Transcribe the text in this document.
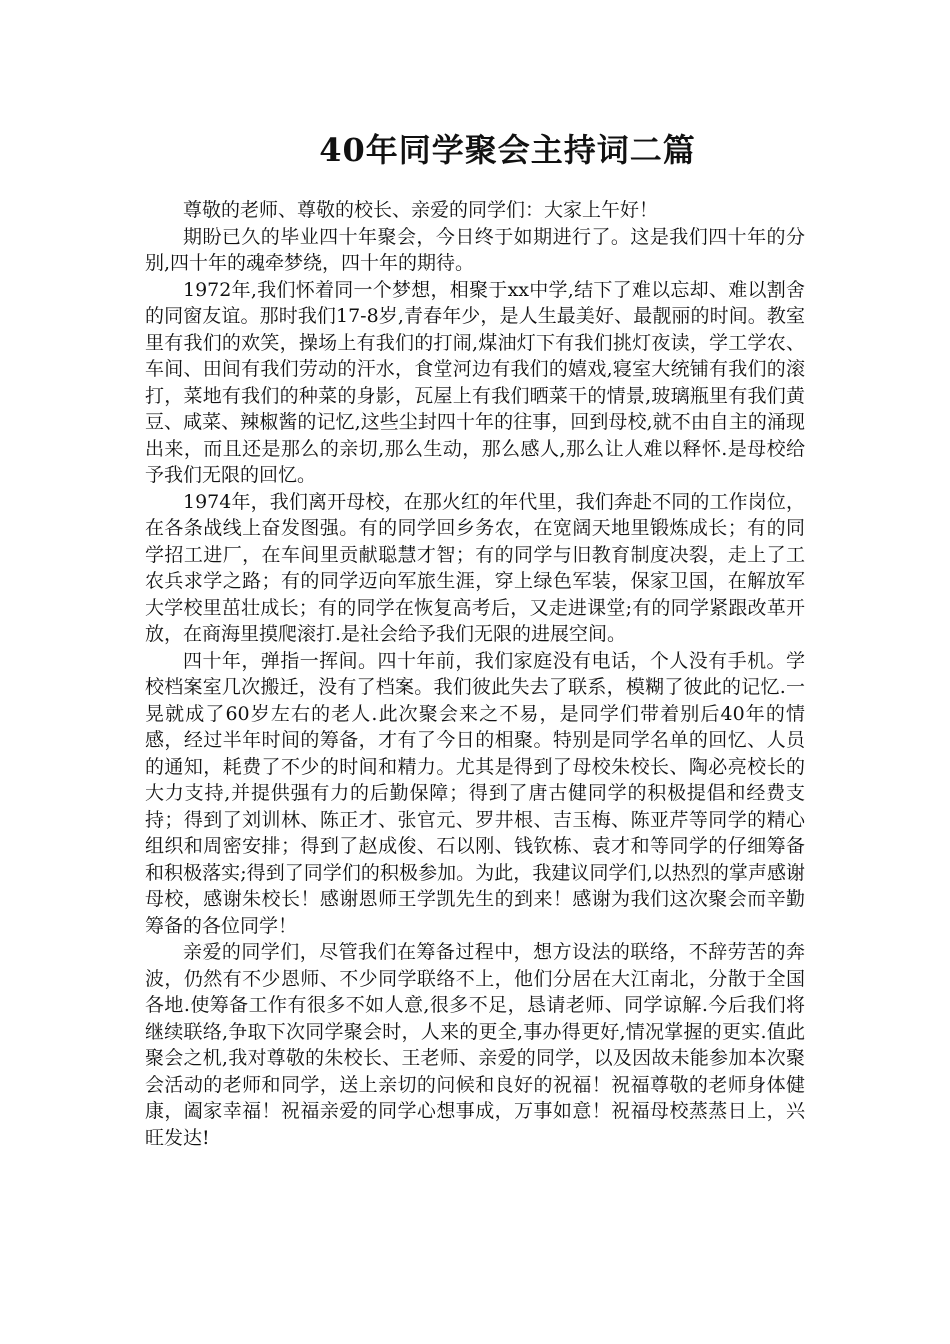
40年同学聚会主持词二篇

尊敬的老师、尊敬的校长、亲爱的同学们：大家上午好！

期盼已久的毕业四十年聚会，今日终于如期进行了。这是我们四十年的分别,四十年的魂牵梦绕，四十年的期待。

1972年,我们怀着同一个梦想，相聚于xx中学,结下了难以忘却、难以割舍的同窗友谊。那时我们17-8岁,青春年少，是人生最美好、最靓丽的时间。教室里有我们的欢笑，操场上有我们的打闹,煤油灯下有我们挑灯夜读，学工学农、车间、田间有我们劳动的汗水，食堂河边有我们的嬉戏,寝室大统铺有我们的滚打，菜地有我们的种菜的身影，瓦屋上有我们晒菜干的情景,玻璃瓶里有我们黄豆、咸菜、辣椒酱的记忆,这些尘封四十年的往事，回到母校,就不由自主的涌现出来，而且还是那么的亲切,那么生动，那么感人,那么让人难以释怀.是母校给予我们无限的回忆。

1974年，我们离开母校，在那火红的年代里，我们奔赴不同的工作岗位，在各条战线上奋发图强。有的同学回乡务农，在宽阔天地里锻炼成长；有的同学招工进厂，在车间里贡献聪慧才智；有的同学与旧教育制度决裂，走上了工农兵求学之路；有的同学迈向军旅生涯，穿上绿色军装，保家卫国，在解放军大学校里茁壮成长；有的同学在恢复高考后，又走进课堂;有的同学紧跟改革开放，在商海里摸爬滚打.是社会给予我们无限的进展空间。

四十年，弹指一挥间。四十年前，我们家庭没有电话，个人没有手机。学校档案室几次搬迁，没有了档案。我们彼此失去了联系，模糊了彼此的记忆.一晃就成了60岁左右的老人.此次聚会来之不易，是同学们带着别后40年的情感，经过半年时间的筹备，才有了今日的相聚。特别是同学名单的回忆、人员的通知，耗费了不少的时间和精力。尤其是得到了母校朱校长、陶必亮校长的大力支持,并提供强有力的后勤保障；得到了唐古健同学的积极提倡和经费支持；得到了刘训林、陈正才、张官元、罗井根、吉玉梅、陈亚芹等同学的精心组织和周密安排；得到了赵成俊、石以刚、钱钦栋、袁才和等同学的仔细筹备和积极落实;得到了同学们的积极参加。为此，我建议同学们,以热烈的掌声感谢母校，感谢朱校长！感谢恩师王学凯先生的到来！感谢为我们这次聚会而辛勤筹备的各位同学！

亲爱的同学们，尽管我们在筹备过程中，想方设法的联络，不辞劳苦的奔波，仍然有不少恩师、不少同学联络不上，他们分居在大江南北，分散于全国各地.使筹备工作有很多不如人意,很多不足，恳请老师、同学谅解.今后我们将继续联络,争取下次同学聚会时，人来的更全,事办得更好,情况掌握的更实.值此聚会之机,我对尊敬的朱校长、王老师、亲爱的同学，以及因故未能参加本次聚会活动的老师和同学，送上亲切的问候和良好的祝福！祝福尊敬的老师身体健康，阖家幸福！祝福亲爱的同学心想事成，万事如意！祝福母校蒸蒸日上，兴旺发达!
